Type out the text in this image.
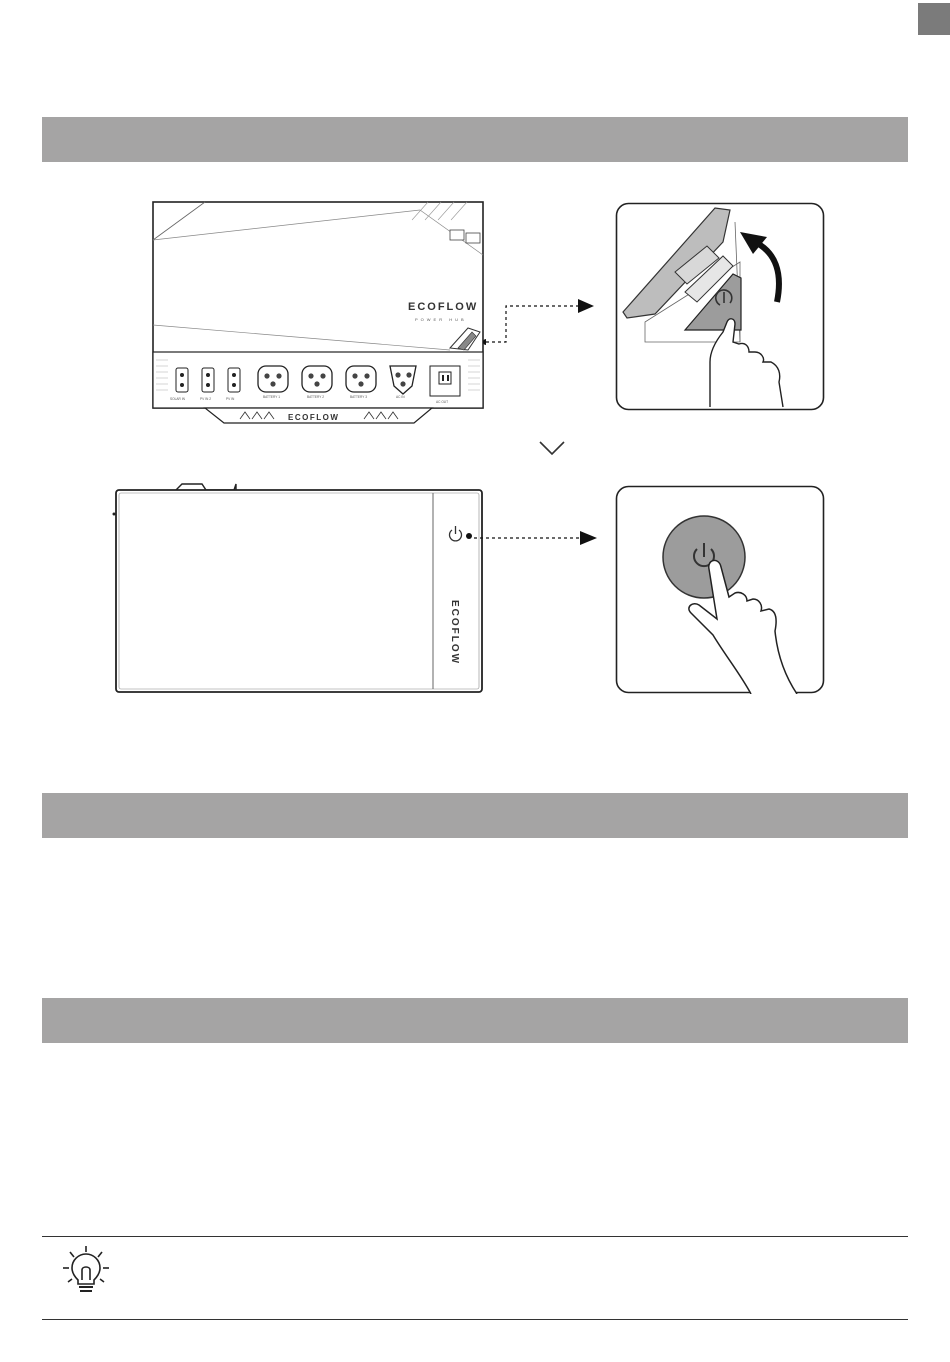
ECOFLOW
POWER HUB
SOLAR IN	PV IN 2	PV IN	BATTERY 1	BATTERY 2	BATTERY 3	AC IN
AC OUT
ECOFLOW
ECOFLOW
